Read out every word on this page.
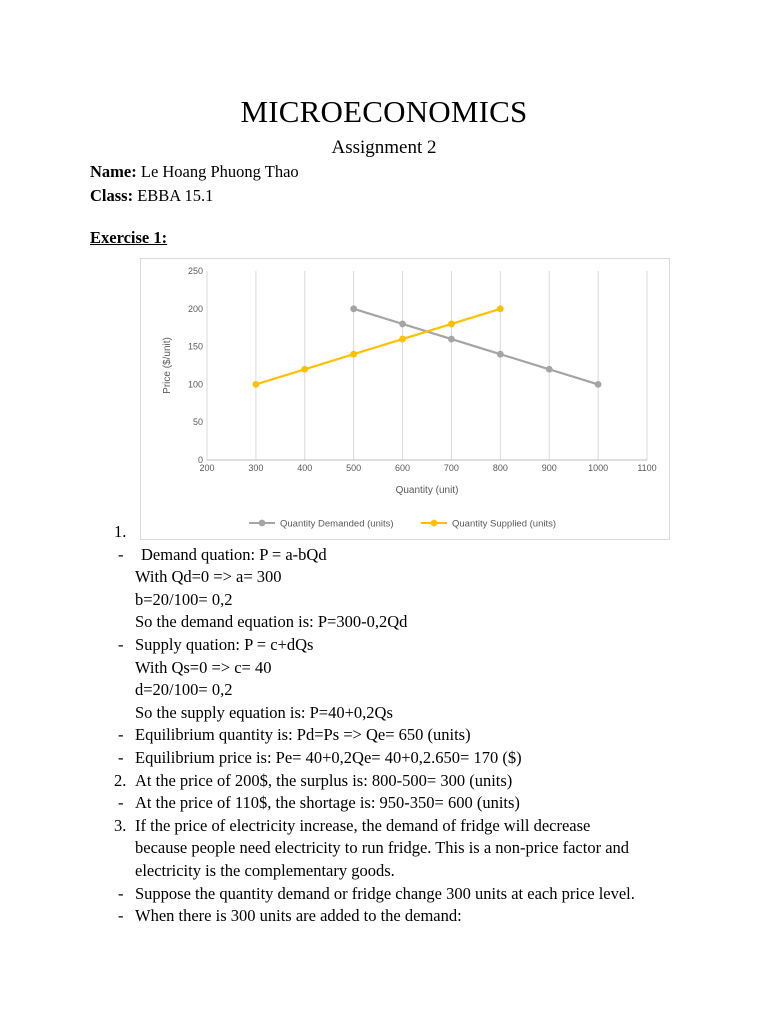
MICROECONOMICS
Assignment 2
Name: Le Hoang Phuong Thao
Class: EBBA 15.1
Exercise 1:
0
50
100
150
200
250
200	300	400	500	600	700	800	900	1000	1100
Quantity (unit)
Price ($/unit)
Quantity Demanded (units)	Quantity Supplied (units)
1.
- Demand quation: P = a-bQd
With Qd=0 => a= 300
b=20/100= 0,2
So the demand equation is: P=300-0,2Qd
- Supply quation: P = c+dQs
With Qs=0 => c= 40
d=20/100= 0,2
So the supply equation is: P=40+0,2Qs
- Equilibrium quantity is: Pd=Ps => Qe= 650 (units)
- Equilibrium price is: Pe= 40+0,2Qe= 40+0,2.650= 170 ($)
2. At the price of 200$, the surplus is: 800-500= 300 (units)
- At the price of 110$, the shortage is: 950-350= 600 (units)
3. If the price of electricity increase, the demand of fridge will decrease
because people need electricity to run fridge. This is a non-price factor and
electricity is the complementary goods.
- Suppose the quantity demand or fridge change 300 units at each price level.
- When there is 300 units are added to the demand:
